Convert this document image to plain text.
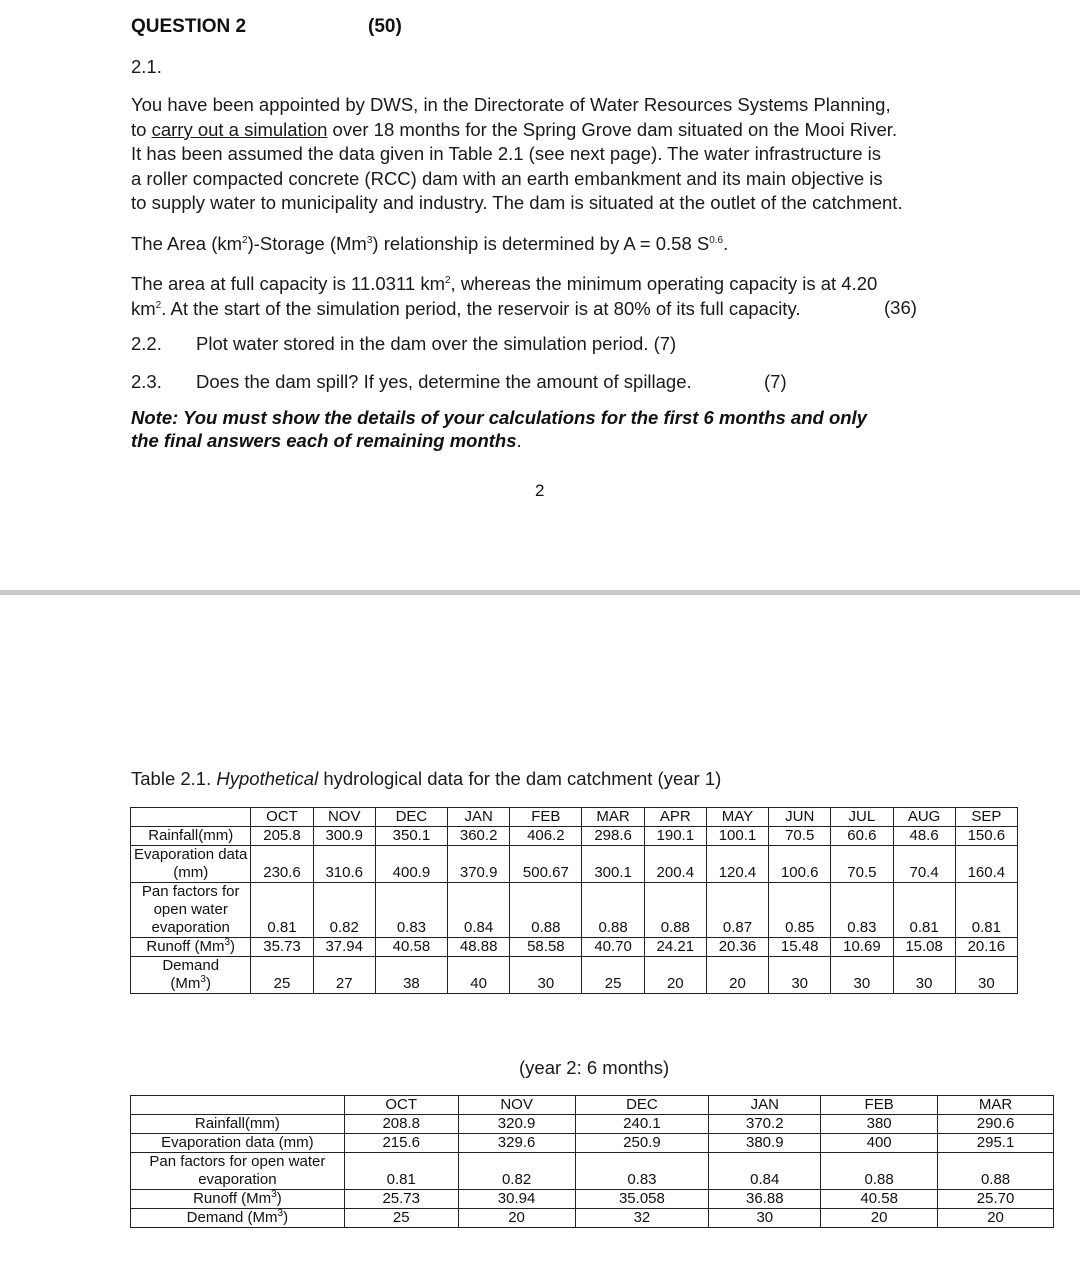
QUESTION 2	(50)
2.1.
You have been appointed by DWS, in the Directorate of Water Resources Systems Planning,
to carry out a simulation over 18 months for the Spring Grove dam situated on the Mooi River.
It has been assumed the data given in Table 2.1 (see next page). The water infrastructure is
a roller compacted concrete (RCC) dam with an earth embankment and its main objective is
to supply water to municipality and industry. The dam is situated at the outlet of the catchment.
The Area $(km^2)$-Storage (Mm$^3$) relationship is determined by A = 0.58 $S^{0.6}$.
The area at full capacity is 11.0311 $km^2$, whereas the minimum operating capacity is at 4.20
$km^2$. At the start of the simulation period, the reservoir is at 80% of its full capacity.	(36)
2.2. Plot water stored in the dam over the simulation period. (7)
2.3. Does the dam spill? If yes, determine the amount of spillage.	(7)
Note: You must show the details of your calculations for the first 6 months and only
the final answers each of remaining months.
2
Table 2.1. Hypothetical hydrological data for the dam catchment (year 1)
	OCT	NOV	DEC	JAN	FEB	MAR	APR	MAY	JUN	JUL	AUG	SEP
Rainfall(mm)	205.8	300.9	350.1	360.2	406.2	298.6	190.1	100.1	70.5	60.6	48.6	150.6
Evaporation data (mm)	230.6	310.6	400.9	370.9	500.67	300.1	200.4	120.4	100.6	70.5	70.4	160.4
Pan factors for open water evaporation	0.81	0.82	0.83	0.84	0.88	0.88	0.88	0.87	0.85	0.83	0.81	0.81
Runoff (Mm$^3$)	35.73	37.94	40.58	48.88	58.58	40.70	24.21	20.36	15.48	10.69	15.08	20.16
Demand (Mm$^3$)	25	27	38	40	30	25	20	20	30	30	30	30
(year 2: 6 months)
	OCT	NOV	DEC	JAN	FEB	MAR
Rainfall(mm)	208.8	320.9	240.1	370.2	380	290.6
Evaporation data (mm)	215.6	329.6	250.9	380.9	400	295.1
Pan factors for open water evaporation	0.81	0.82	0.83	0.84	0.88	0.88
Runoff (Mm$^3$)	25.73	30.94	35.058	36.88	40.58	25.70
Demand (Mm$^3$)	25	20	32	30	20	20
